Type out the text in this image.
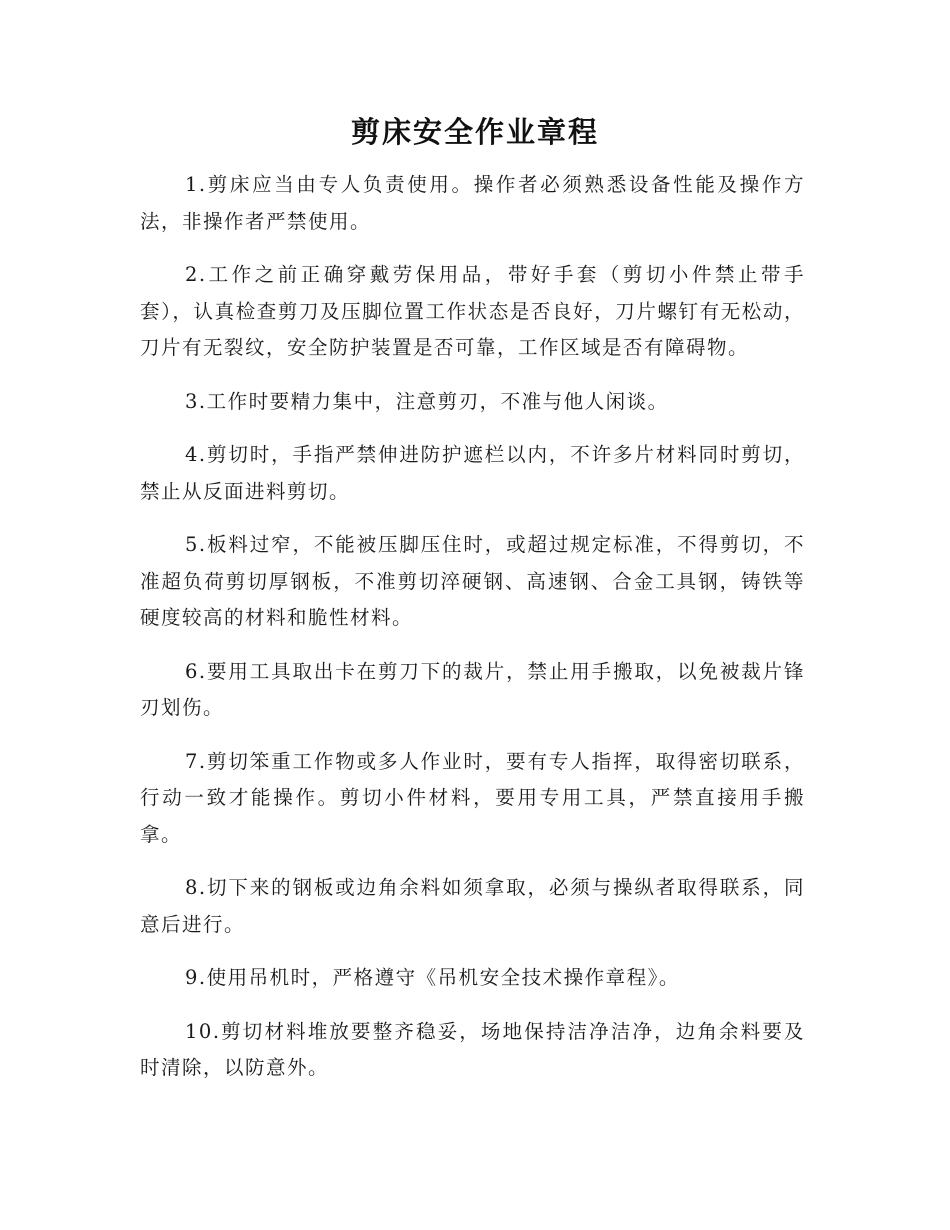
剪床安全作业章程

1.剪床应当由专人负责使用。操作者必须熟悉设备性能及操作方法，非操作者严禁使用。

2.工作之前正确穿戴劳保用品，带好手套（剪切小件禁止带手套），认真检查剪刀及压脚位置工作状态是否良好，刀片螺钉有无松动，刀片有无裂纹，安全防护装置是否可靠，工作区域是否有障碍物。

3.工作时要精力集中，注意剪刃，不准与他人闲谈。

4.剪切时，手指严禁伸进防护遮栏以内，不许多片材料同时剪切，禁止从反面进料剪切。

5.板料过窄，不能被压脚压住时，或超过规定标准，不得剪切，不准超负荷剪切厚钢板，不准剪切淬硬钢、高速钢、合金工具钢，铸铁等硬度较高的材料和脆性材料。

6.要用工具取出卡在剪刀下的裁片，禁止用手搬取，以免被裁片锋刃划伤。

7.剪切笨重工作物或多人作业时，要有专人指挥，取得密切联系，行动一致才能操作。剪切小件材料，要用专用工具，严禁直接用手搬拿。

8.切下来的钢板或边角余料如须拿取，必须与操纵者取得联系，同意后进行。

9.使用吊机时，严格遵守《吊机安全技术操作章程》。

10.剪切材料堆放要整齐稳妥，场地保持洁净洁净，边角余料要及时清除，以防意外。
